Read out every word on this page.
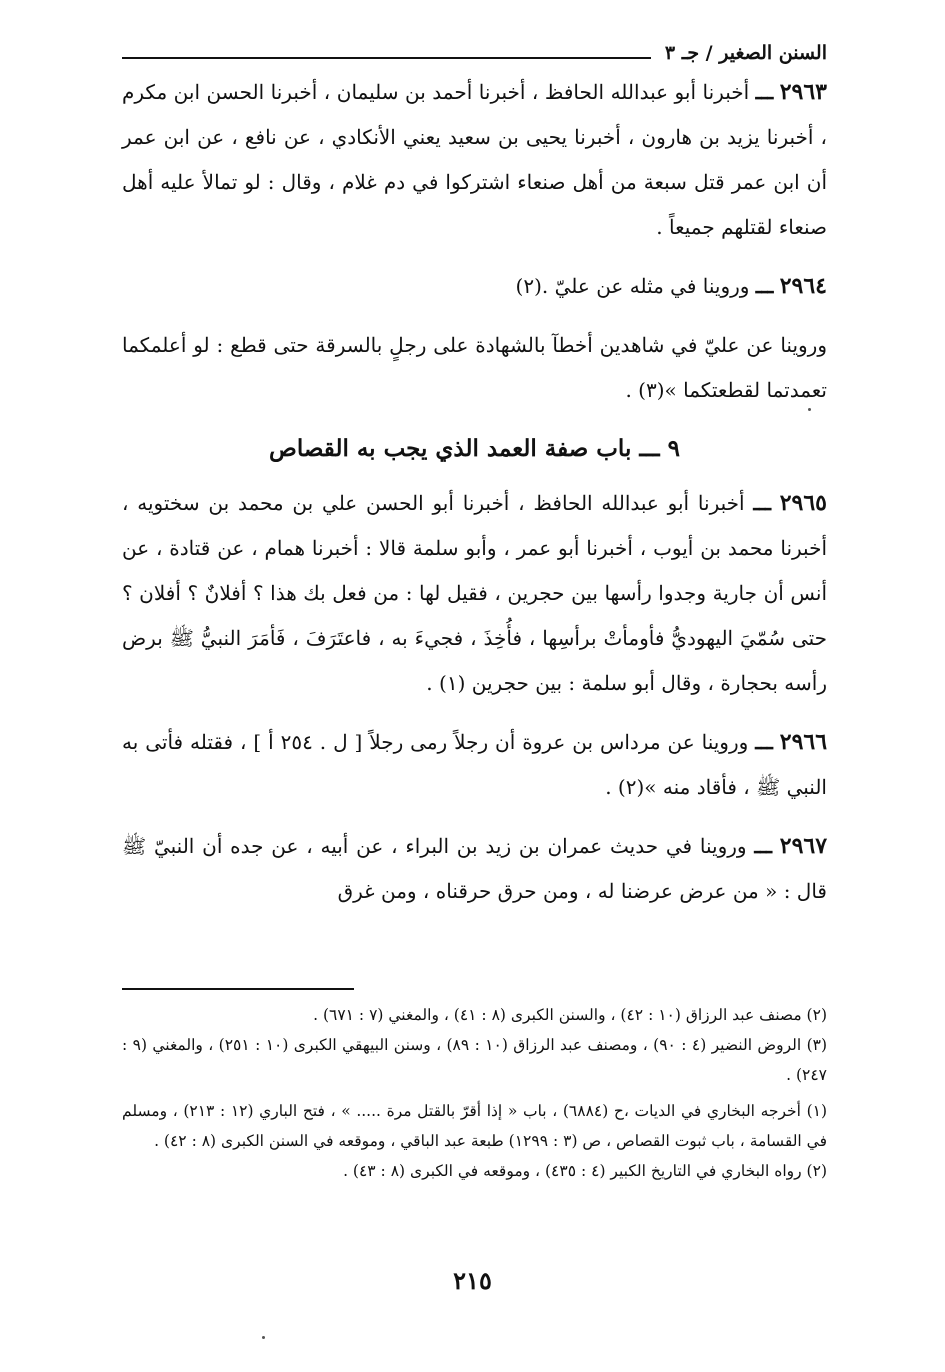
السنن الصغير / جـ ٣

٢٩٦٣ ـــ أخبرنا أبو عبدالله الحافظ ، أخبرنا أحمد بن سليمان ، أخبرنا الحسن ابن مكرم ، أخبرنا يزيد بن هارون ، أخبرنا يحيى بن سعيد يعني الأنكادي ، عن نافع ، عن ابن عمر أن ابن عمر قتل سبعة من أهل صنعاء اشتركوا في دم غلام ، وقال : لو تمالأ عليه أهل صنعاء لقتلهم جميعاً .

٢٩٦٤ ـــ وروينا في مثله عن عليّ .(٢)

وروينا عن عليّ في شاهدين أخطآ بالشهادة على رجلٍ بالسرقة حتى قطع : لو أعلمكما تعمدتما لقطعتكما »(٣) .

٩ ـــ باب صفة العمد الذي يجب به القصاص

٢٩٦٥ ـــ أخبرنا أبو عبدالله الحافظ ، أخبرنا أبو الحسن علي بن محمد بن سختويه ، أخبرنا محمد بن أيوب ، أخبرنا أبو عمر ، وأبو سلمة قالا : أخبرنا همام ، عن قتادة ، عن أنس أن جارية وجدوا رأسها بين حجرين ، فقيل لها : من فعل بك هذا ؟ أفلانٌ ؟ أفلان ؟ حتى سُمّيَ اليهوديُّ فأومأتْ برأسِها ، فأُخِذَ ، فجيءَ به ، فاعتَرَفَ ، فَأمَرَ النبيُّ ﷺ برض رأسه بحجارة ، وقال أبو سلمة : بين حجرين (١) .

٢٩٦٦ ـــ وروينا عن مرداس بن عروة أن رجلاً رمى رجلاً [ ل . ٢٥٤ أ ] ، فقتله فأتى به النبي ﷺ ، فأقاد منه »(٢) .

٢٩٦٧ ـــ وروينا في حديث عمران بن زيد بن البراء ، عن أبيه ، عن جده أن النبيّ ﷺ قال : « من عرض عرضنا له ، ومن حرق حرقناه ، ومن غرق

(٢) مصنف عبد الرزاق (١٠ : ٤٢) ، والسنن الكبرى (٨ : ٤١) ، والمغني (٧ : ٦٧١) .

(٣) الروض النضير (٤ : ٩٠) ، ومصنف عبد الرزاق (١٠ : ٨٩) ، وسنن البيهقي الكبرى (١٠ : ٢٥١) ، والمغني (٩ : ٢٤٧) .

(١) أخرجه البخاري في الديات ،ح (٦٨٨٤) ، باب « إذا أقرّ بالقتل مرة ..... » ، فتح الباري (١٢ : ٢١٣) ، ومسلم في القسامة ، باب ثبوت القصاص ، ص (٣ : ١٢٩٩) طبعة عبد الباقي ، وموقعه في السنن الكبرى (٨ : ٤٢) .

(٢) رواه البخاري في التاريخ الكبير (٤ : ٤٣٥) ، وموقعه في الكبرى (٨ : ٤٣) .

٢١٥
